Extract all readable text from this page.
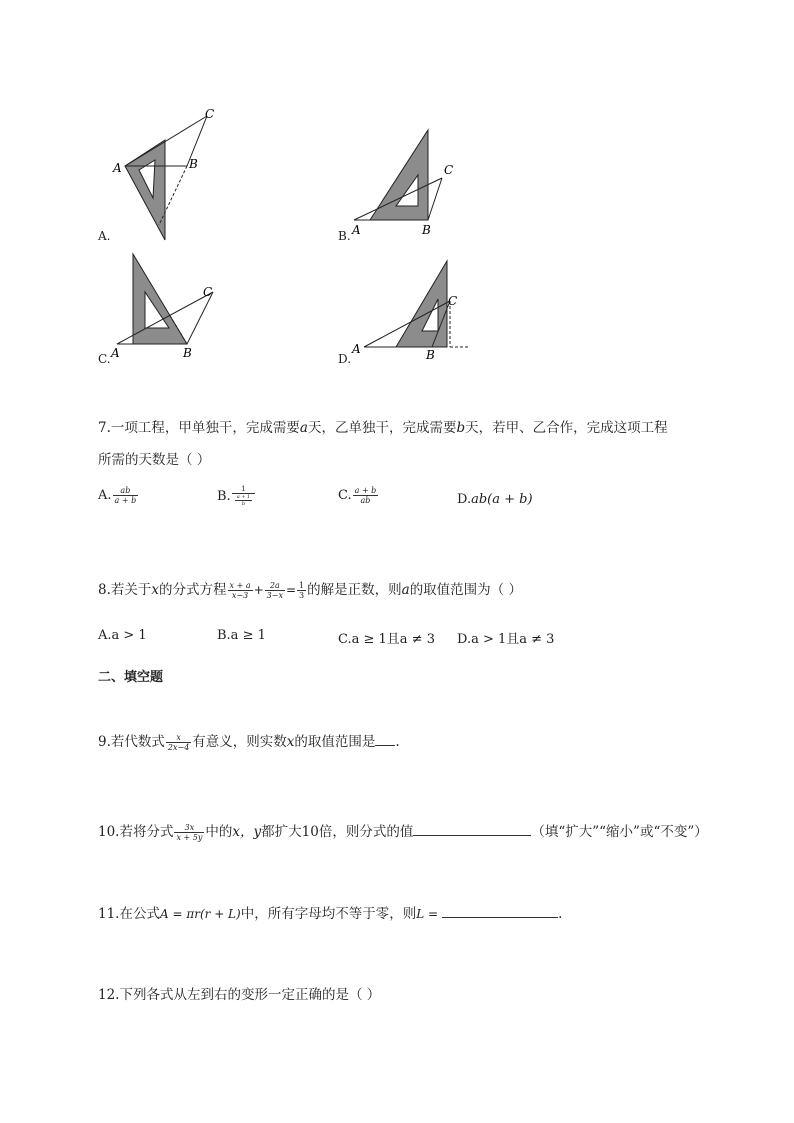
A	B
C
A.	A	B
C
B.
A	B
C
C.
A	B
C
D.
7.一项工程，甲单独干，完成需要a天，乙单独干，完成需要b天，若甲、乙合作，完成这项工程
所需的天数是（ ）
A. $\frac{ab}{a + b}$	B. $\frac{1}{\frac{a + 1}{b}}$	C. $\frac{a + b}{ab}$	D.ab(a + b)
8.若关于x的分式方程 $\frac{x + a}{x-3} + \frac{2a}{3-x} = \frac{1}{3}$ 的解是正数，则a的取值范围为（ ）
A.a > 1	B.a ≥ 1	C.a ≥ 1且a ≠ 3 D.a > 1且a ≠ 3
二、填空题
9.若代数式 $\frac{x}{2x-4}$ 有意义，则实数x的取值范围是 .
10.若将分式 $\frac{3x}{x + 5y}$ 中的x，y都扩大10倍，则分式的值	（填“扩大”“缩小”或“不变”）
11.在公式A = πr(r + L)中，所有字母均不等于零，则L =	.
12.下列各式从左到右的变形一定正确的是（ ）
